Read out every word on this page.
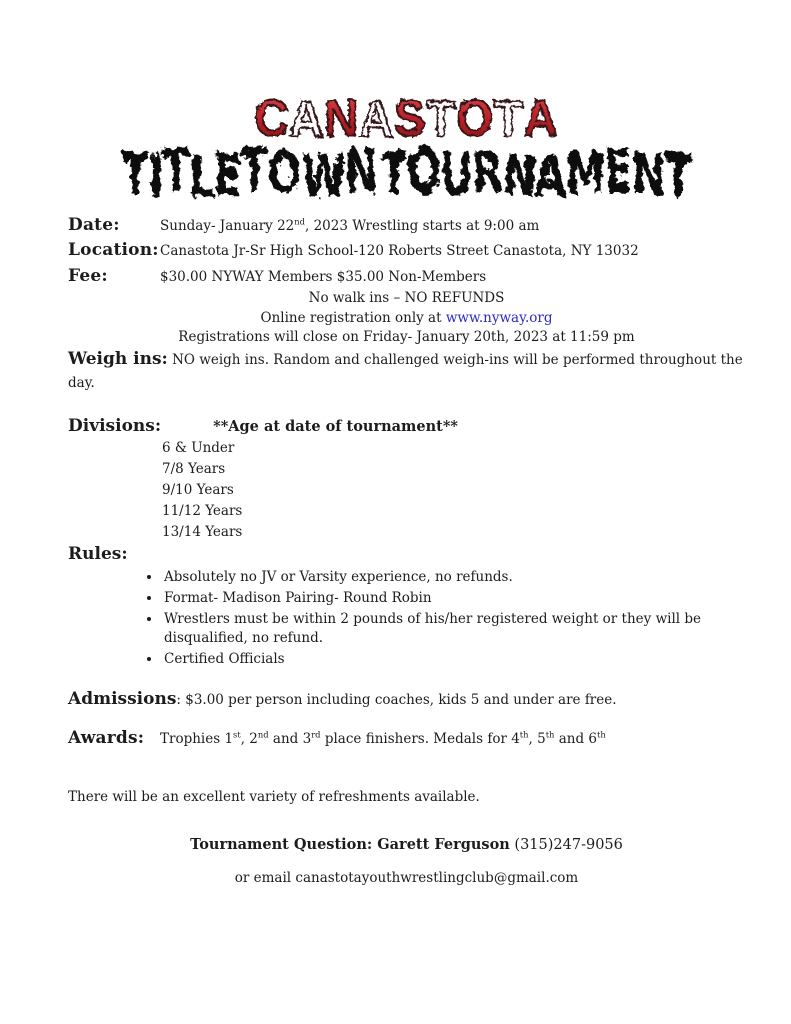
CANASTOTA
TITLETOWN TOURNAMENT
Date:	Sunday- January 22nd, 2023 Wrestling starts at 9:00 am
Location: Canastota Jr-Sr High School-120 Roberts Street Canastota, NY 13032
Fee:	$30.00 NYWAY Members $35.00 Non-Members
No walk ins – NO REFUNDS
Online registration only at www.nyway.org
Registrations will close on Friday- January 20th, 2023 at 11:59 pm

Weigh ins: NO weigh ins. Random and challenged weigh-ins will be performed throughout the day.

Divisions:	**Age at date of tournament**
6 & Under
7/8 Years
9/10 Years
11/12 Years
13/14 Years
Rules:
• Absolutely no JV or Varsity experience, no refunds.
• Format- Madison Pairing- Round Robin
• Wrestlers must be within 2 pounds of his/her registered weight or they will be disqualified, no refund.
• Certified Officials

Admissions: $3.00 per person including coaches, kids 5 and under are free.

Awards:	Trophies 1st, 2nd and 3rd place finishers. Medals for 4th, 5th and 6th

There will be an excellent variety of refreshments available.

Tournament Question: Garett Ferguson (315)247-9056

or email canastotayouthwrestlingclub@gmail.com
